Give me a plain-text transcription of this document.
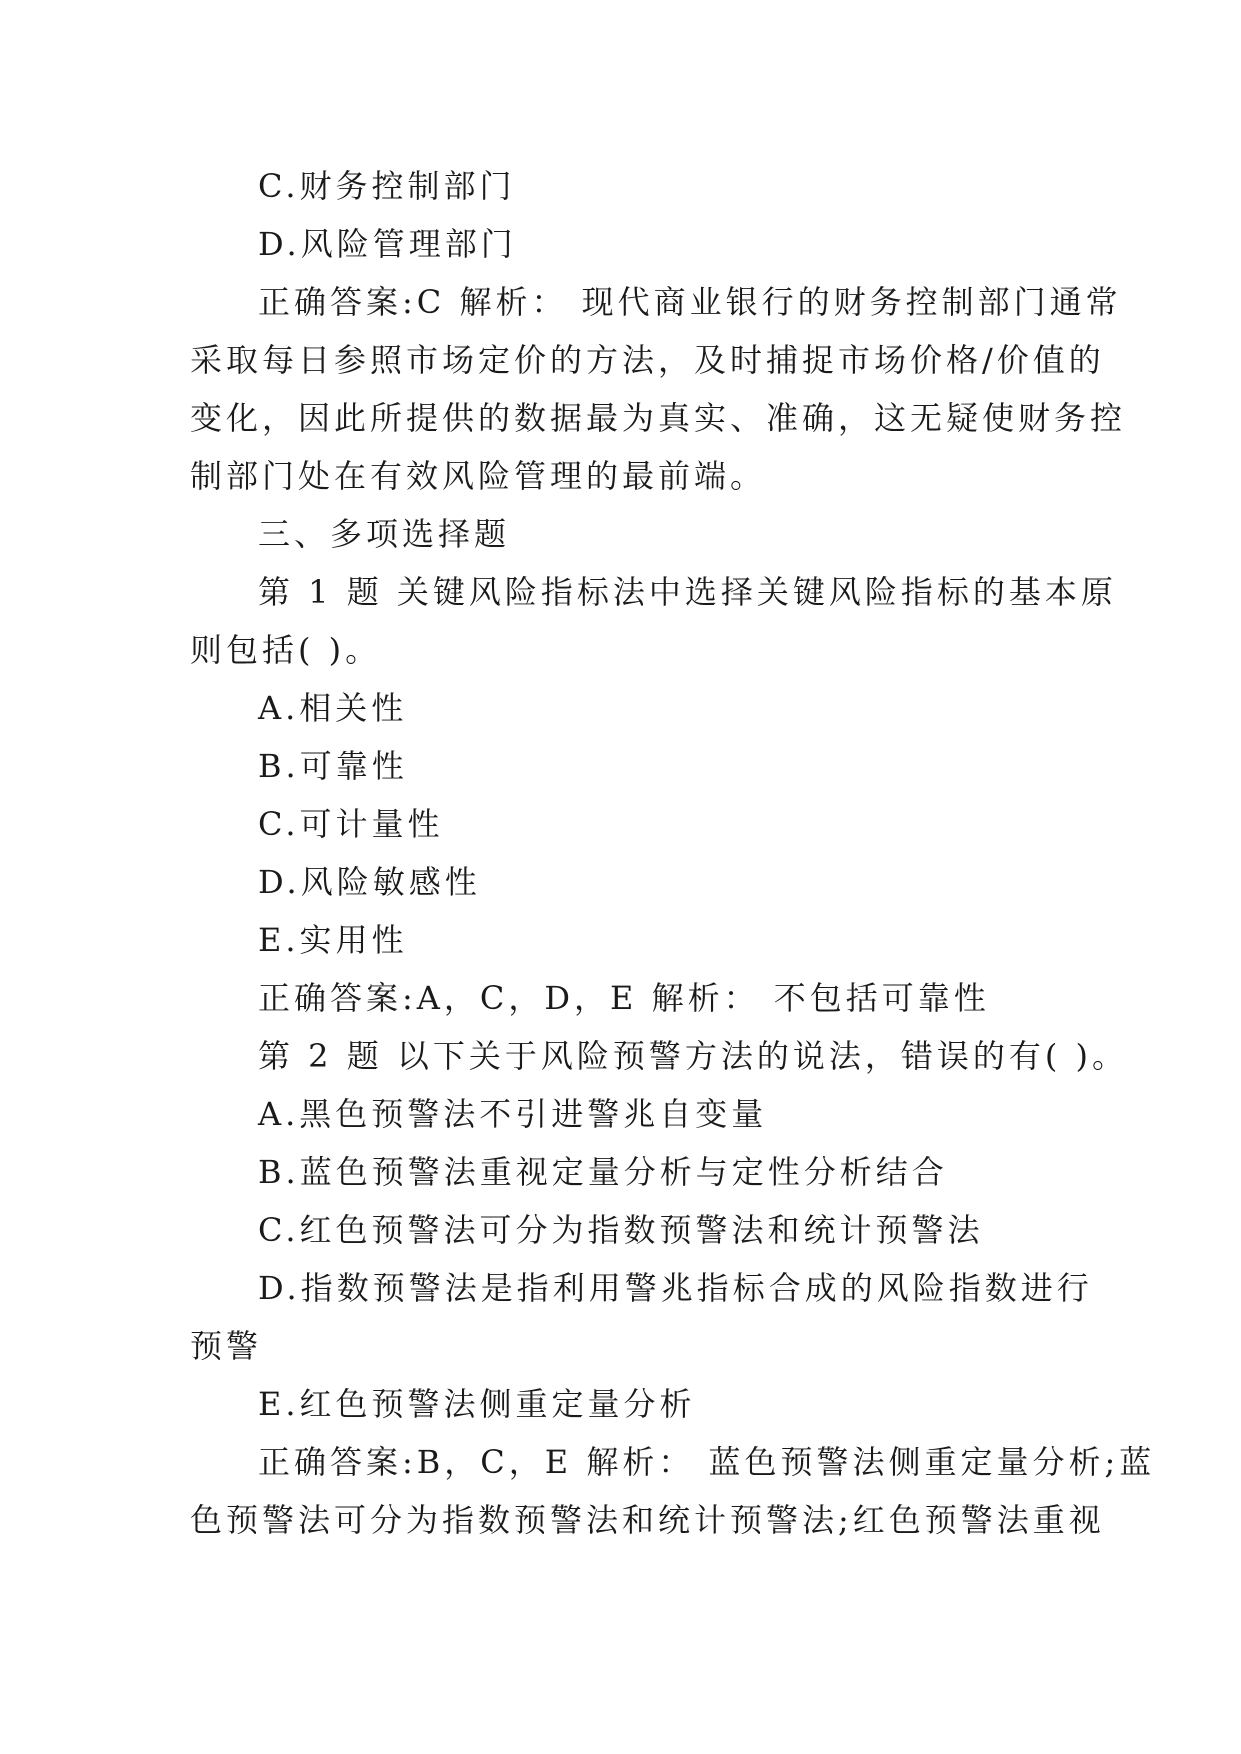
C.财务控制部门
D.风险管理部门
正确答案:C 解析： 现代商业银行的财务控制部门通常
采取每日参照市场定价的方法，及时捕捉市场价格/价值的
变化，因此所提供的数据最为真实、准确，这无疑使财务控
制部门处在有效风险管理的最前端。
三、多项选择题
第 1 题 关键风险指标法中选择关键风险指标的基本原
则包括( )。
A.相关性
B.可靠性
C.可计量性
D.风险敏感性
E.实用性
正确答案:A，C，D，E 解析： 不包括可靠性
第 2 题 以下关于风险预警方法的说法，错误的有( )。
A.黑色预警法不引进警兆自变量
B.蓝色预警法重视定量分析与定性分析结合
C.红色预警法可分为指数预警法和统计预警法
D.指数预警法是指利用警兆指标合成的风险指数进行
预警
E.红色预警法侧重定量分析
正确答案:B，C，E 解析： 蓝色预警法侧重定量分析;蓝
色预警法可分为指数预警法和统计预警法;红色预警法重视
